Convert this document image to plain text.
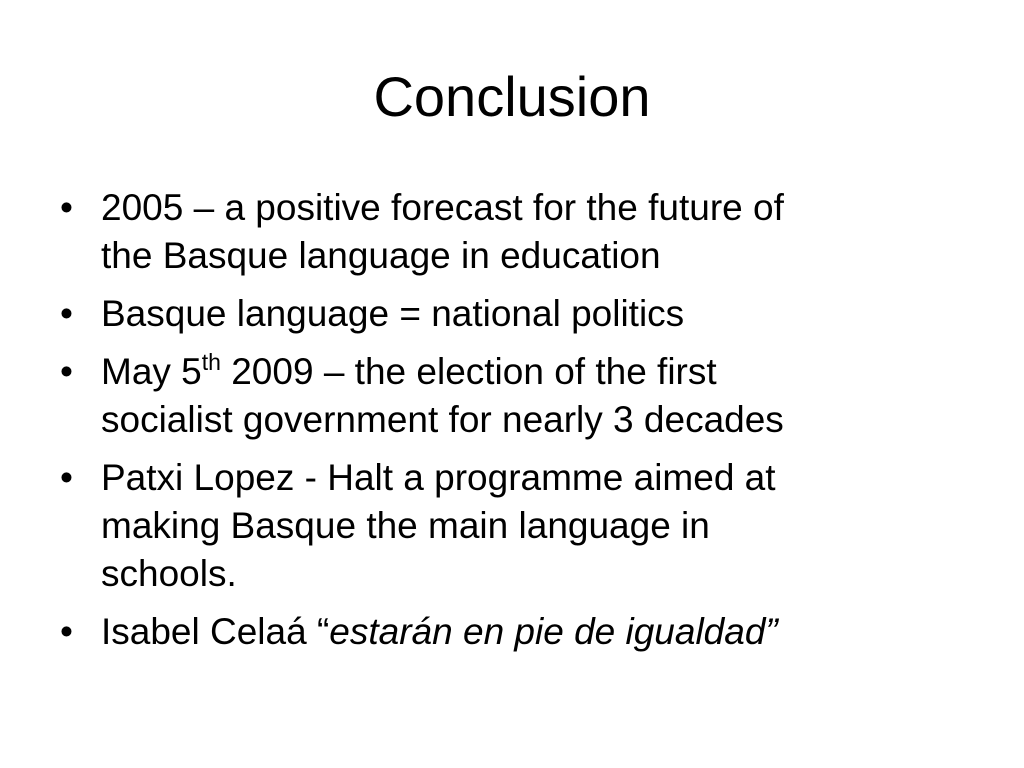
Conclusion
• 2005 – a positive forecast for the future of
the Basque language in education
• Basque language = national politics
• May 5th 2009 – the election of the first
socialist government for nearly 3 decades
• Patxi Lopez - Halt a programme aimed at
making Basque the main language in
schools.
• Isabel Celaá “estarán en pie de igualdad”
